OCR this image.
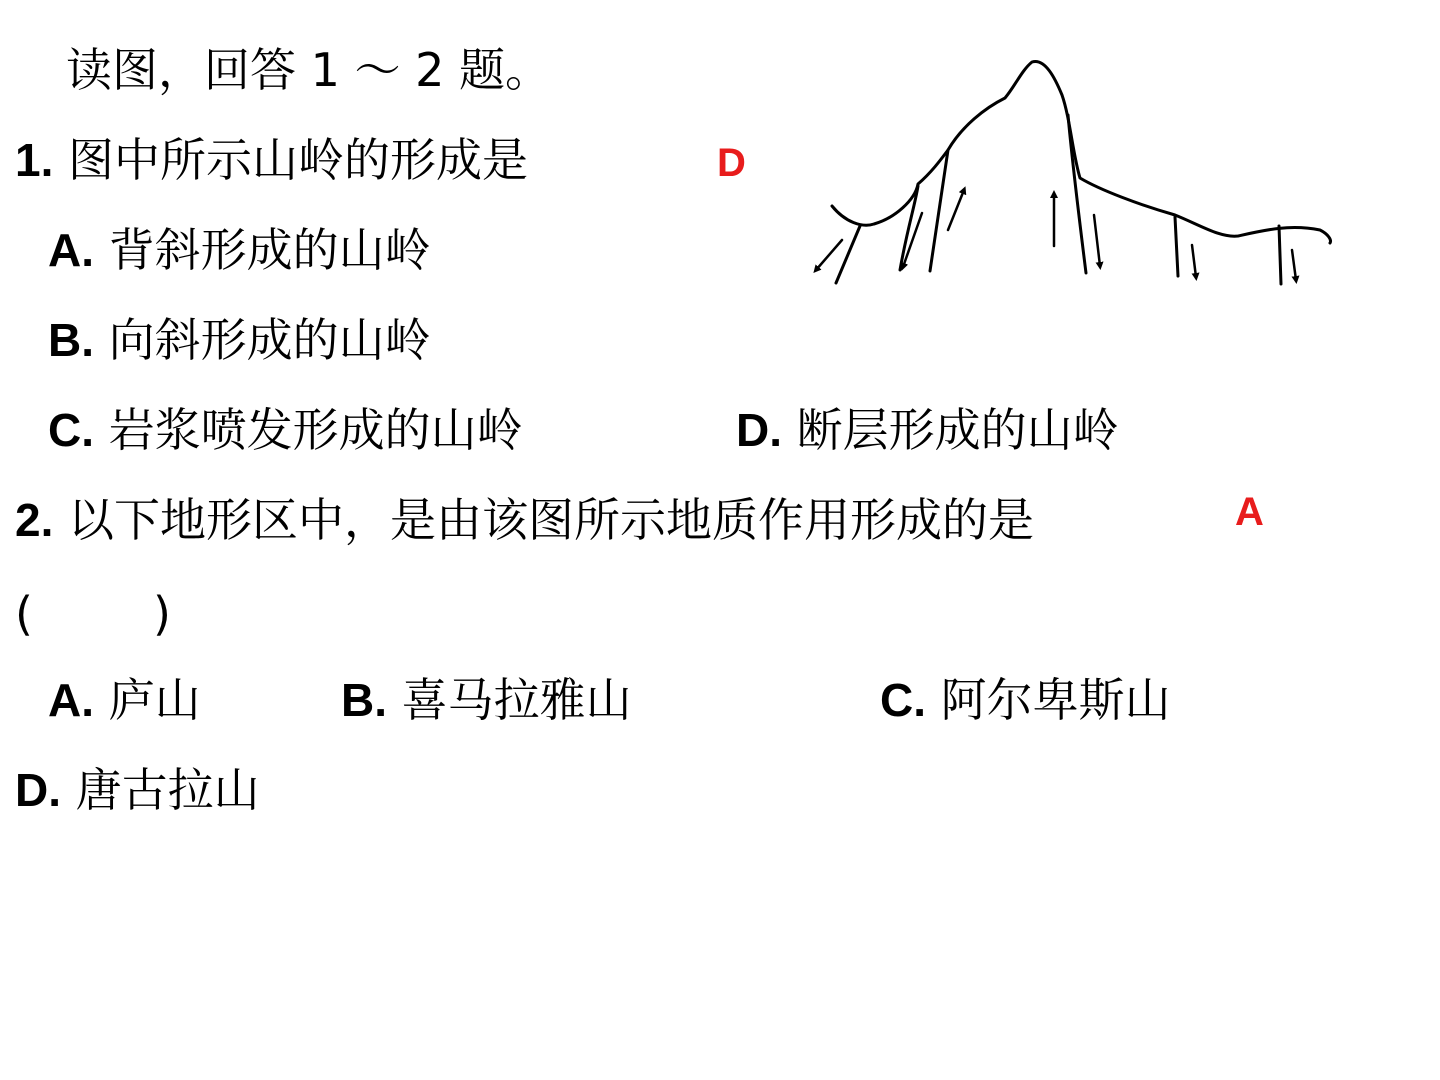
读图，回答 1 ～ 2 题。
1. 图中所示山岭的形成是	D
A. 背斜形成的山岭
B. 向斜形成的山岭
C. 岩浆喷发形成的山岭	D. 断层形成的山岭
2. 以下地形区中，是由该图所示地质作用形成的是	A
(	)
A. 庐山	B. 喜马拉雅山	C. 阿尔卑斯山
D. 唐古拉山
